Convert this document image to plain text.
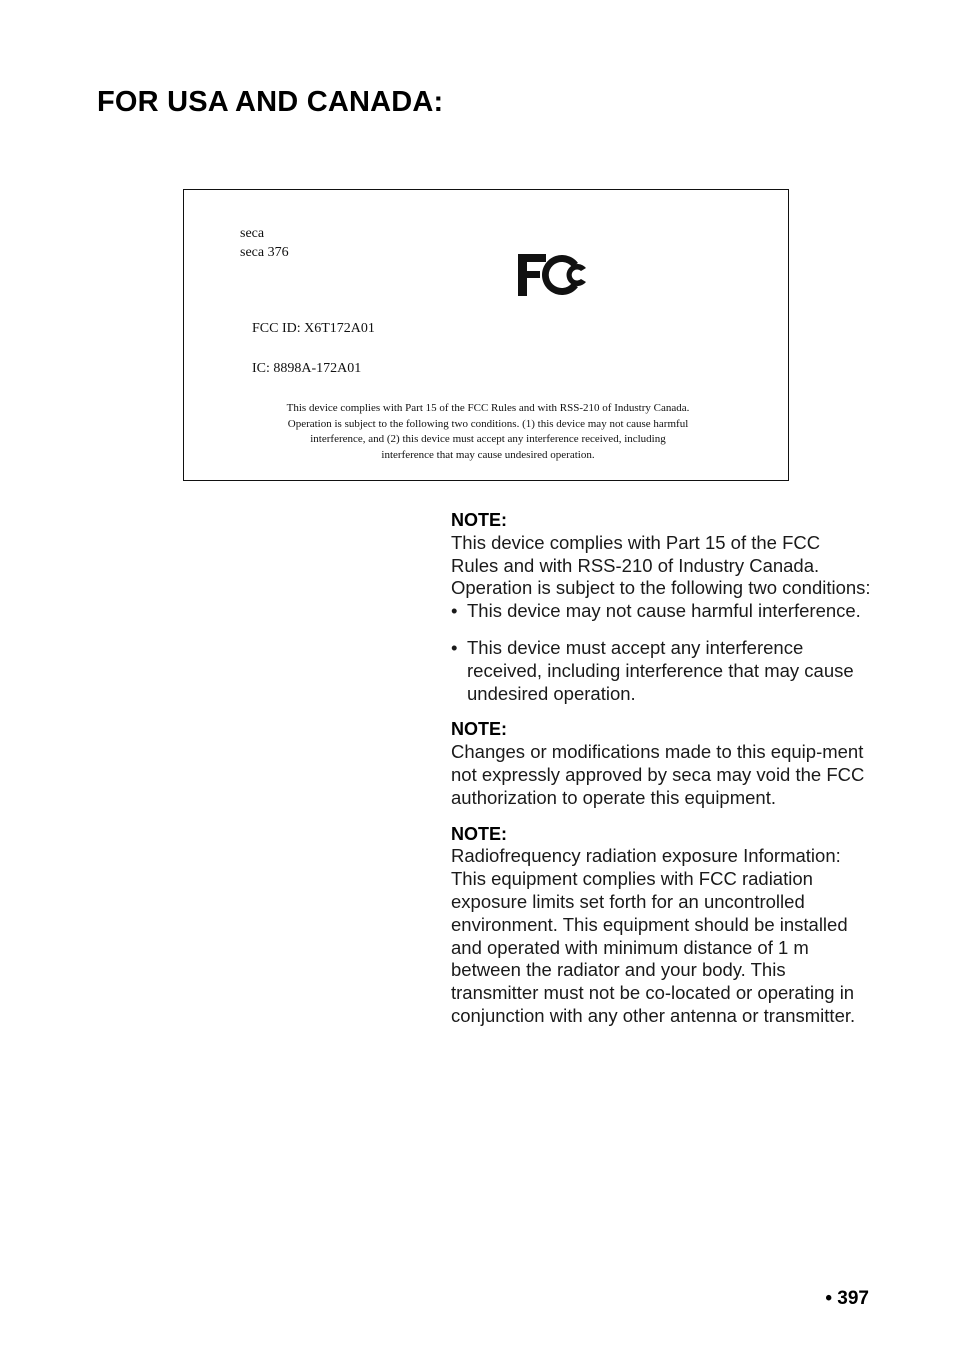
FOR USA AND CANADA:
seca
seca 376
FCC ID: X6T172A01
IC: 8898A-172A01
This device complies with Part 15 of the FCC Rules and with RSS-210 of Industry Canada.
Operation is subject to the following two conditions. (1) this device may not cause harmful
interference, and (2) this device must accept any interference received, including
interference that may cause undesired operation.
NOTE:
This device complies with Part 15 of the FCC Rules and with RSS-210 of Industry Canada. Operation is subject to the following two conditions:
• This device may not cause harmful interference.
• This device must accept any interference received, including interference that may cause undesired operation.
NOTE:
Changes or modifications made to this equip-ment not expressly approved by seca may void the FCC authorization to operate this equipment.
NOTE:
Radiofrequency radiation exposure Information: This equipment complies with FCC radiation exposure limits set forth for an uncontrolled environment. This equipment should be installed and operated with minimum distance of 1 m between the radiator and your body. This transmitter must not be co-located or operating in conjunction with any other antenna or transmitter.
• 397
